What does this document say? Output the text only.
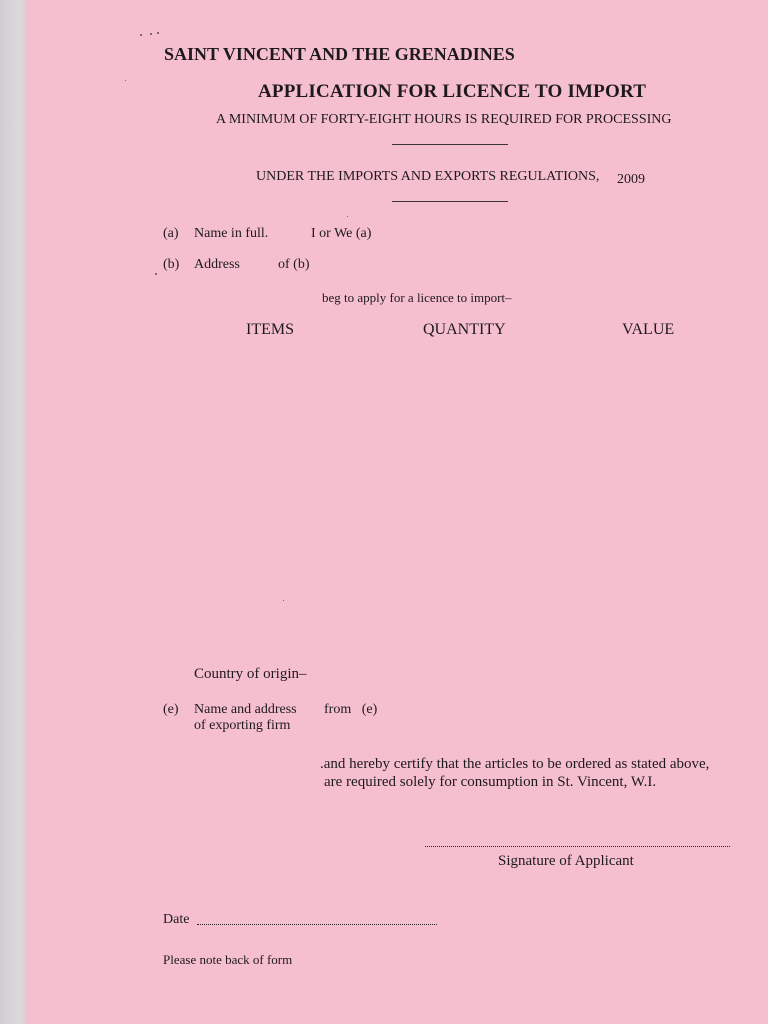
SAINT VINCENT AND THE GRENADINES
APPLICATION FOR LICENCE TO IMPORT
A MINIMUM OF FORTY-EIGHT HOURS IS REQUIRED FOR PROCESSING
UNDER THE IMPORTS AND EXPORTS REGULATIONS, 2009
(a) Name in full.	I or We (a)
(b) Address	of (b)
beg to apply for a licence to import–
ITEMS	QUANTITY	VALUE
Country of origin–
(e) Name and address
of exporting firm
from   (e)
.and hereby certify that the articles to be ordered as stated above,
are required solely for consumption in St. Vincent, W.I.
Signature of Applicant
Date
Please note back of form
